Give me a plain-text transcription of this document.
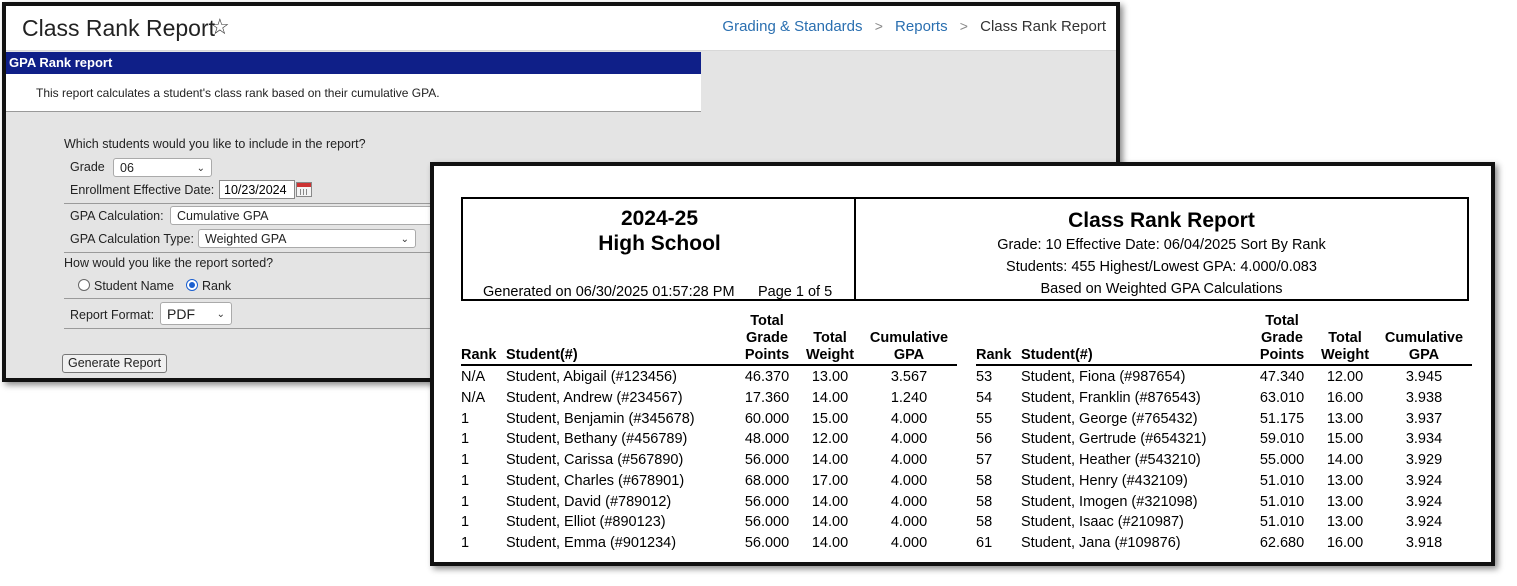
Class Rank Report
☆	Grading & Standards > Reports > Class Rank Report
GPA Rank report
This report calculates a student's class rank based on their cumulative GPA.
Which students would you like to include in the report?
Grade	06	⌄
Enrollment Effective Date:
10/23/2024
GPA Calculation:	Cumulative GPA
GPA Calculation Type: Weighted GPA	⌄
How would you like the report sorted?
Student Name Rank
Report Format: PDF ⌄
Generate Report
2024-25
High School
Generated on 06/30/2025 01:57:28 PM Page 1 of 5
Class Rank Report
Grade: 10 Effective Date: 06/04/2025 Sort By Rank
Students: 455 Highest/Lowest GPA: 4.000/0.083
Based on Weighted GPA Calculations
Rank Student(#)
Total
Grade
Points
Total
Weight
Cumulative
GPA
N/A Student, Abigail (#123456)	46.370	13.00	3.567
N/A Student, Andrew (#234567)	17.360	14.00	1.240
1	Student, Benjamin (#345678)	60.000	15.00	4.000
1	Student, Bethany (#456789)	48.000	12.00	4.000
1	Student, Carissa (#567890)	56.000	14.00	4.000
1	Student, Charles (#678901)	68.000	17.00	4.000
1	Student, David (#789012)	56.000	14.00	4.000
1	Student, Elliot (#890123)	56.000	14.00	4.000
1	Student, Emma (#901234)	56.000	14.00	4.000
Rank Student(#)
Total
Grade
Points
Total
Weight
Cumulative
GPA
53 Student, Fiona (#987654)	47.340	12.00	3.945
54 Student, Franklin (#876543)	63.010	16.00	3.938
55 Student, George (#765432)	51.175	13.00	3.937
56 Student, Gertrude (#654321)	59.010	15.00	3.934
57 Student, Heather (#543210)	55.000	14.00	3.929
58 Student, Henry (#432109)	51.010	13.00	3.924
58 Student, Imogen (#321098)	51.010	13.00	3.924
58 Student, Isaac (#210987)	51.010	13.00	3.924
61 Student, Jana (#109876)	62.680	16.00	3.918
